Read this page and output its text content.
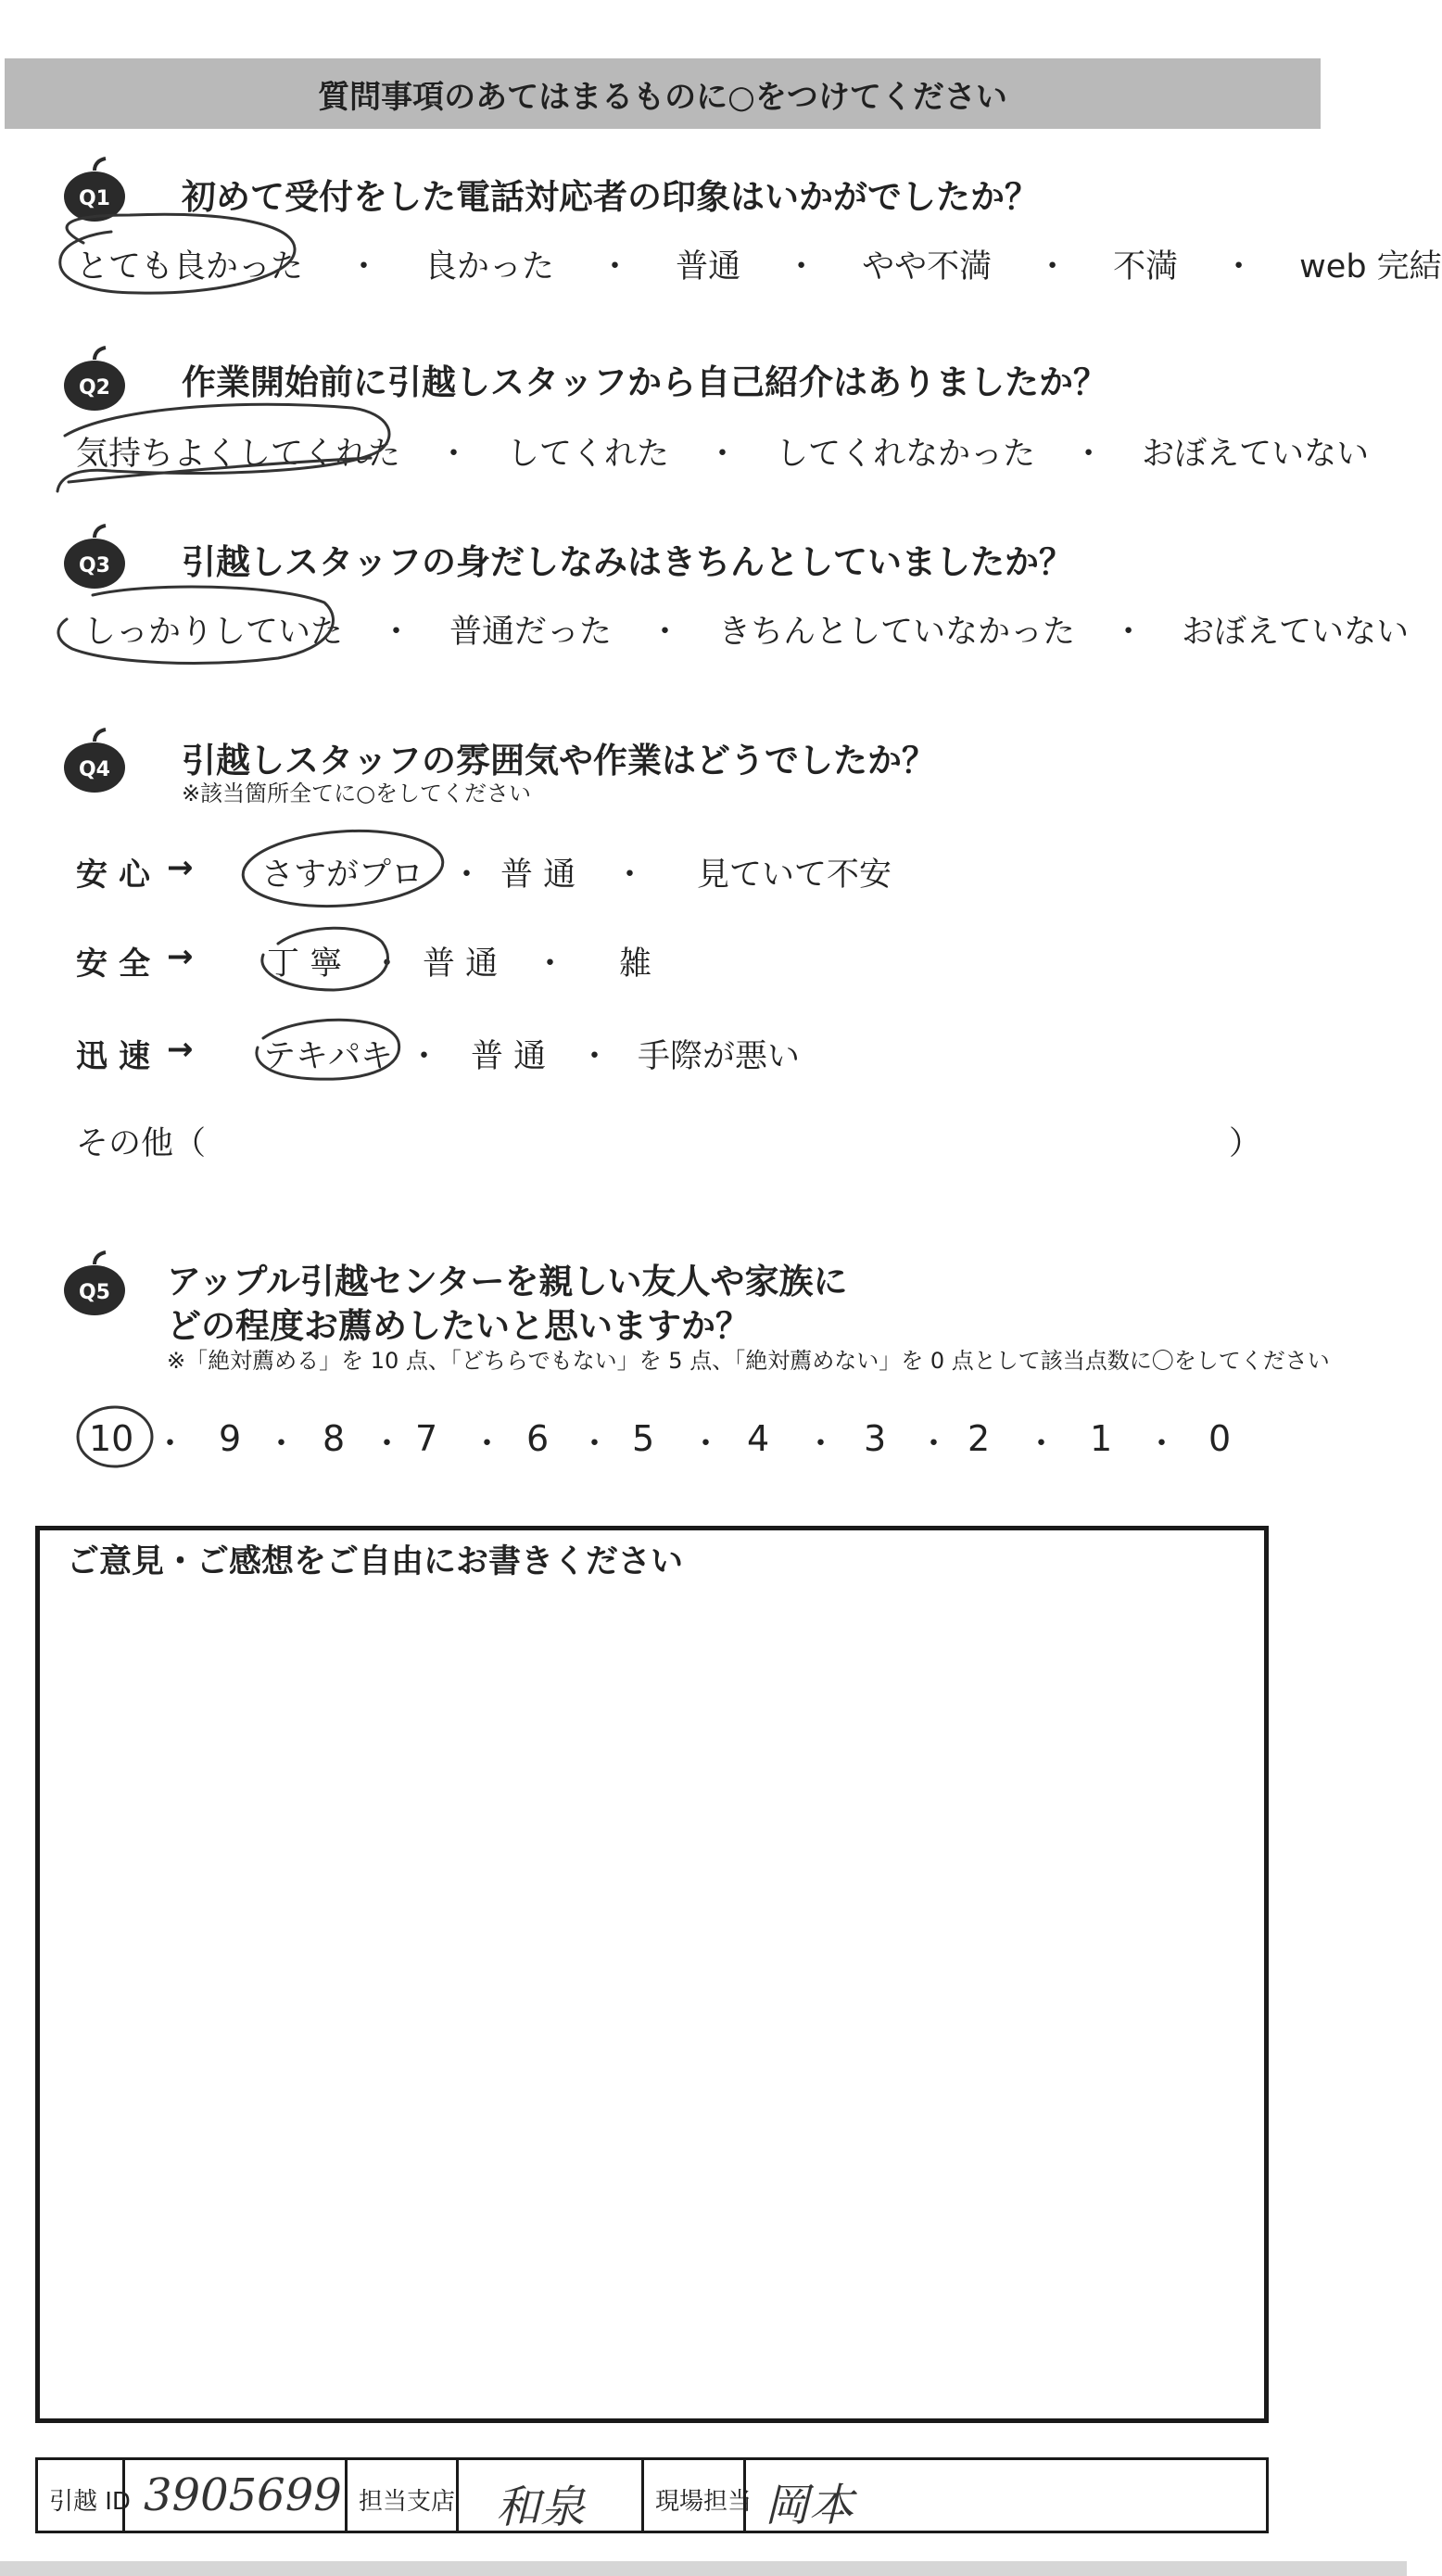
質問事項のあてはまるものに○をつけてください
Q1 初めて受付をした電話対応者の印象はいかがでしたか？
とても良かった ・ 良かった ・ 普通 ・ やや不満 ・ 不満 ・ web 完結
Q2 作業開始前に引越しスタッフから自己紹介はありましたか？
気持ちよくしてくれた ・ してくれた ・ してくれなかった ・ おぼえていない
Q3 引越しスタッフの身だしなみはきちんとしていましたか？
しっかりしていた ・ 普通だった ・ きちんとしていなかった ・ おぼえていない
Q4 引越しスタッフの雰囲気や作業はどうでしたか？
※該当箇所全てに○をしてください
安心 → さすがプロ ・ 普 通 ・ 見ていて不安
安全 → 丁 寧 ・ 普 通 ・ 雑
迅速 → テキパキ ・ 普 通 ・ 手際が悪い
その他（	）
Q5 アップル引越センターを親しい友人や家族に
どの程度お薦めしたいと思いますか？
※「絶対薦める」を 10 点、「どちらでもない」を 5 点、「絶対薦めない」を 0 点として該当点数に〇をしてください
10 ・ 9 ・ 8 ・ 7 ・ 6 ・ 5 ・ 4 ・ 3 ・ 2 ・ 1 ・ 0
ご意見・ご感想をご自由にお書きください
引越 ID 3905699 担当支店 和泉	現場担当 岡本
